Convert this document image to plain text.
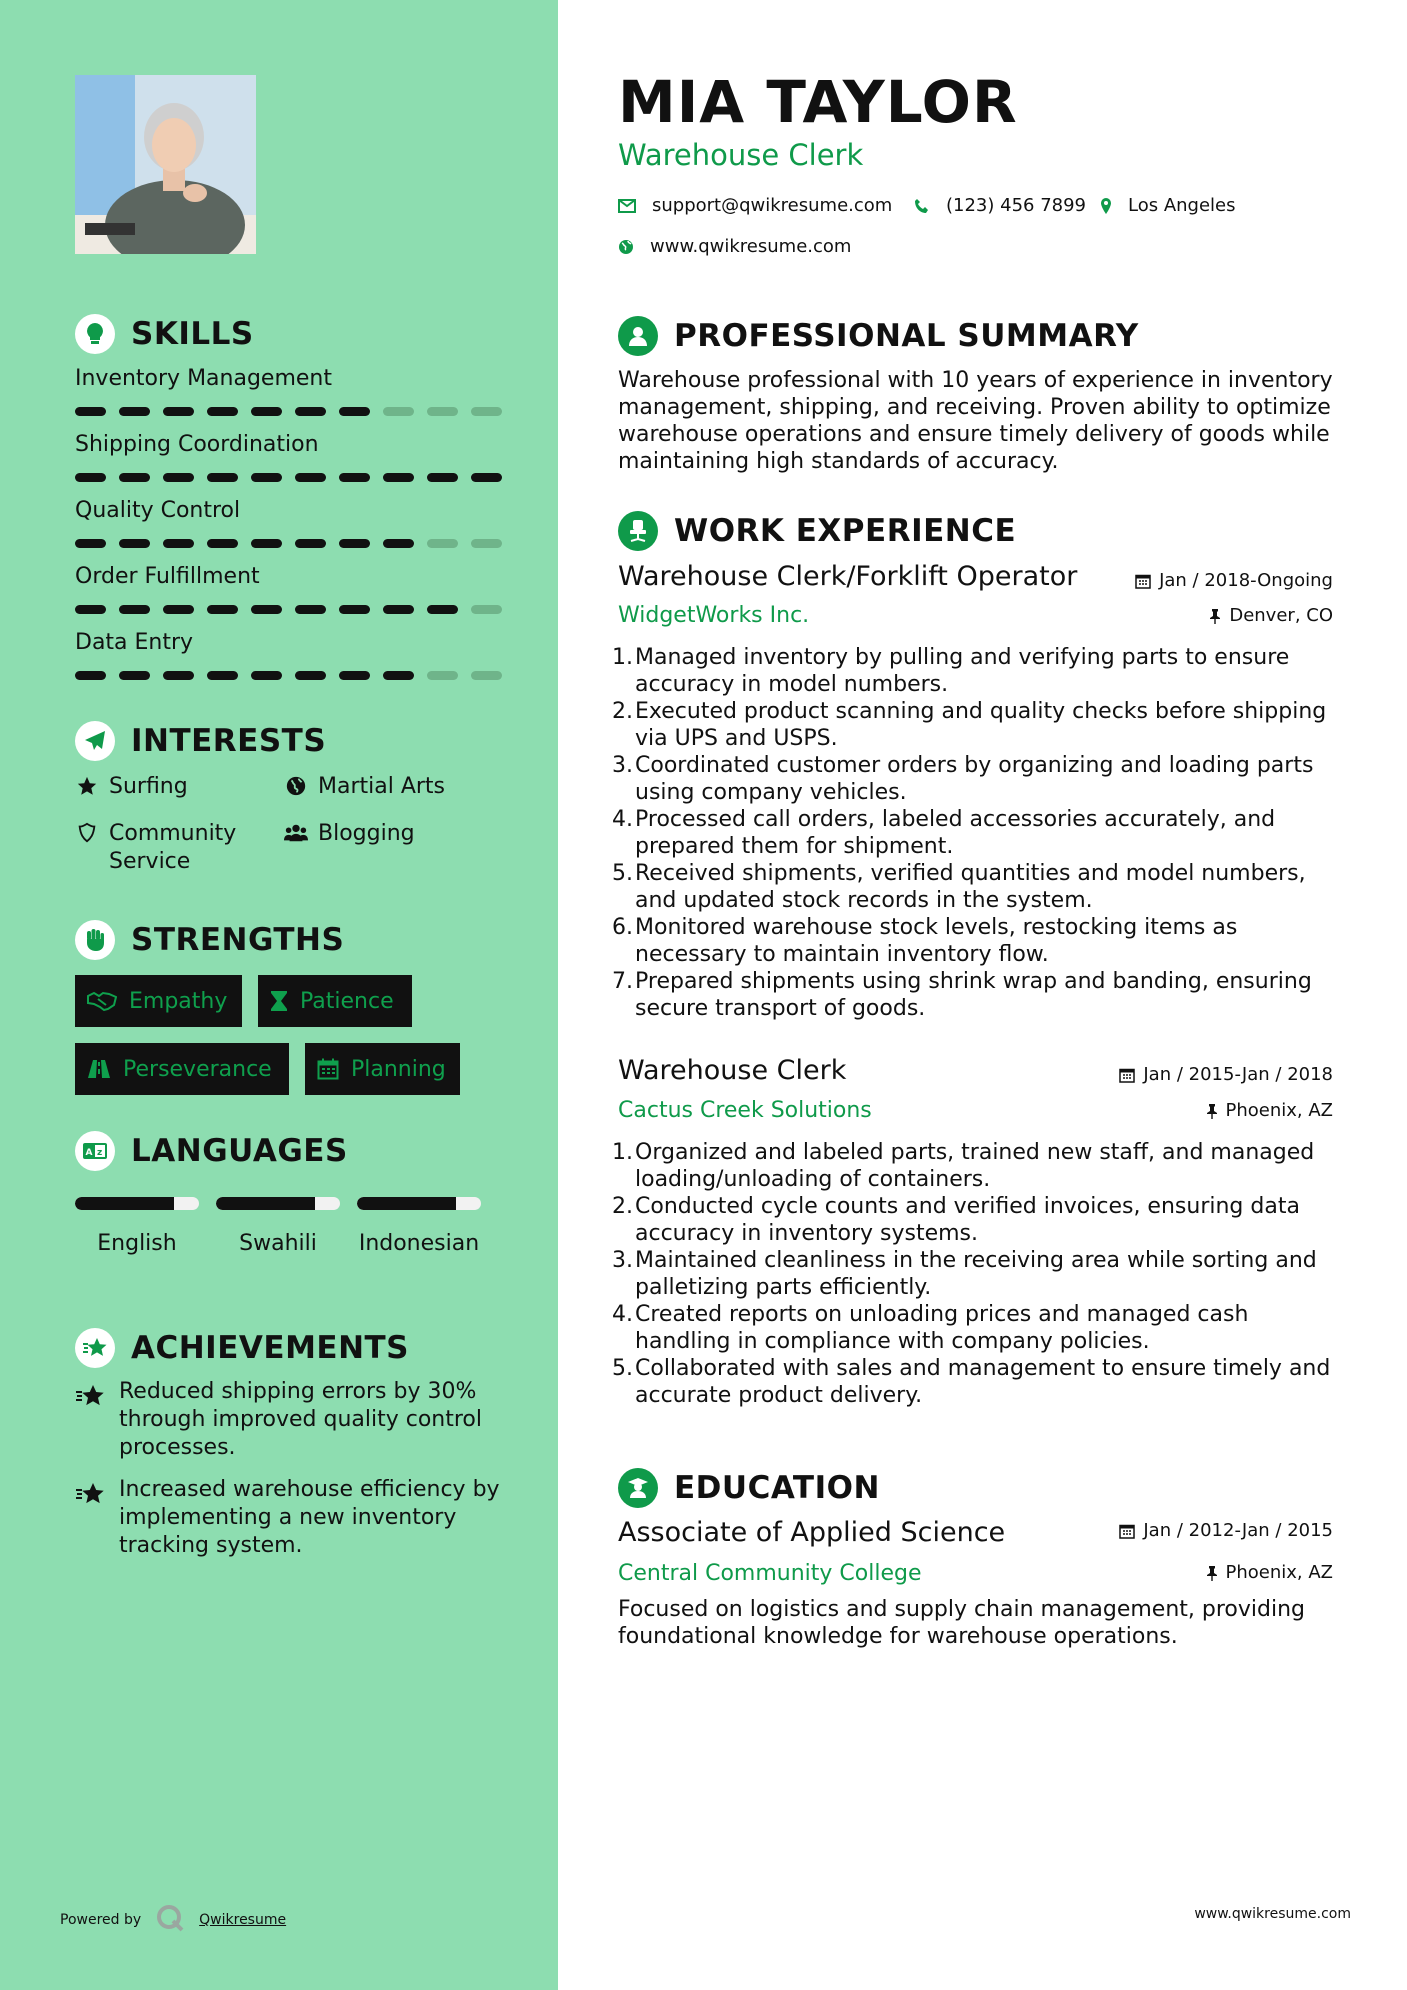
SKILLS
Inventory Management
Shipping Coordination
Quality Control
Order Fulfillment
Data Entry
INTERESTS
Surfing	Martial Arts
Community Service
Blogging
STRENGTHS
Empathy	Patience
Perseverance	Planning
A z LANGUAGES
English	Swahili	Indonesian
ACHIEVEMENTS
Reduced shipping errors by 30% through improved quality control processes.
Increased warehouse efficiency by implementing a new inventory tracking system.
Powered by	Qwikresume
MIA TAYLOR
Warehouse Clerk
support@qwikresume.com	(123) 456 7899 Los Angeles
www.qwikresume.com
PROFESSIONAL SUMMARY
Warehouse professional with 10 years of experience in inventory management, shipping, and receiving. Proven ability to optimize warehouse operations and ensure timely delivery of goods while maintaining high standards of accuracy.
WORK EXPERIENCE
Warehouse Clerk/Forklift Operator	Jan / 2018-Ongoing
WidgetWorks Inc.	Denver, CO
1. Managed inventory by pulling and verifying parts to ensure accuracy in model numbers.
2. Executed product scanning and quality checks before shipping via UPS and USPS.
3. Coordinated customer orders by organizing and loading parts using company vehicles.
4. Processed call orders, labeled accessories accurately, and prepared them for shipment.
5. Received shipments, verified quantities and model numbers, and updated stock records in the system.
6. Monitored warehouse stock levels, restocking items as necessary to maintain inventory flow.
7. Prepared shipments using shrink wrap and banding, ensuring secure transport of goods.
Warehouse Clerk	Jan / 2015-Jan / 2018
Cactus Creek Solutions	Phoenix, AZ
1. Organized and labeled parts, trained new staff, and managed loading/unloading of containers.
2. Conducted cycle counts and verified invoices, ensuring data accuracy in inventory systems.
3. Maintained cleanliness in the receiving area while sorting and palletizing parts efficiently.
4. Created reports on unloading prices and managed cash handling in compliance with company policies.
5. Collaborated with sales and management to ensure timely and accurate product delivery.
EDUCATION
Associate of Applied Science	Jan / 2012-Jan / 2015
Central Community College	Phoenix, AZ
Focused on logistics and supply chain management, providing foundational knowledge for warehouse operations.
www.qwikresume.com
